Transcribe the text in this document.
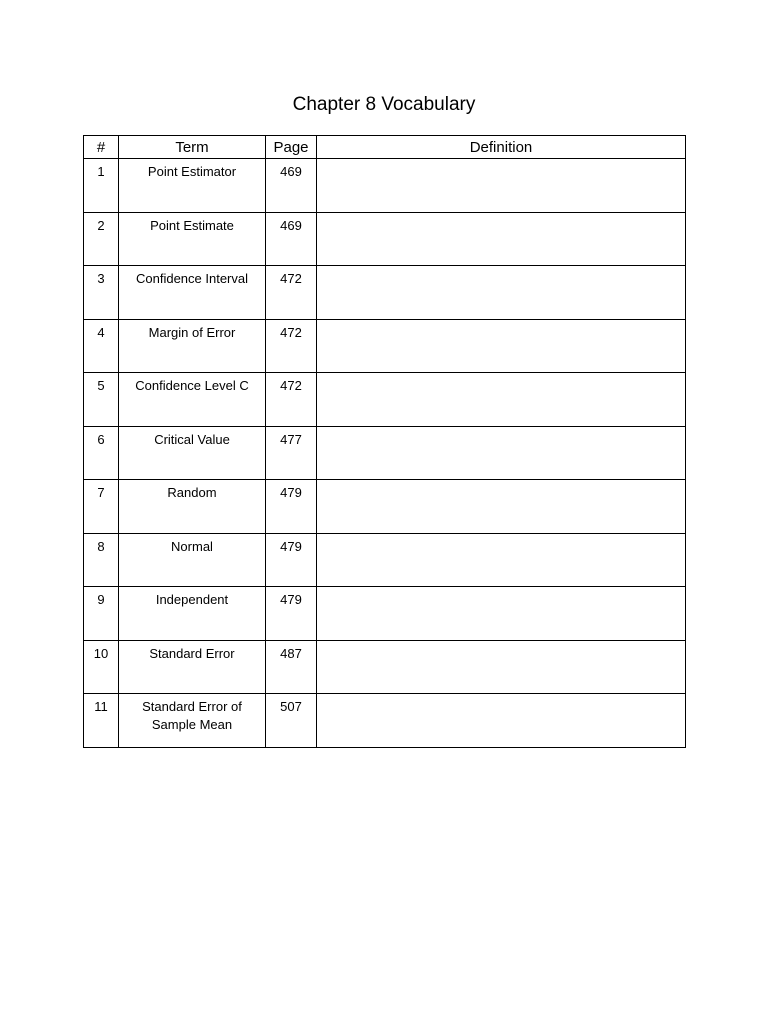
Chapter 8 Vocabulary
#	Term	Page	Definition
1	Point Estimator	469	
2	Point Estimate	469	
3	Confidence Interval	472	
4	Margin of Error	472	
5	Confidence Level C	472	
6	Critical Value	477	
7	Random	479	
8	Normal	479	
9	Independent	479	
10	Standard Error	487	
11	Standard Error of Sample Mean	507	
